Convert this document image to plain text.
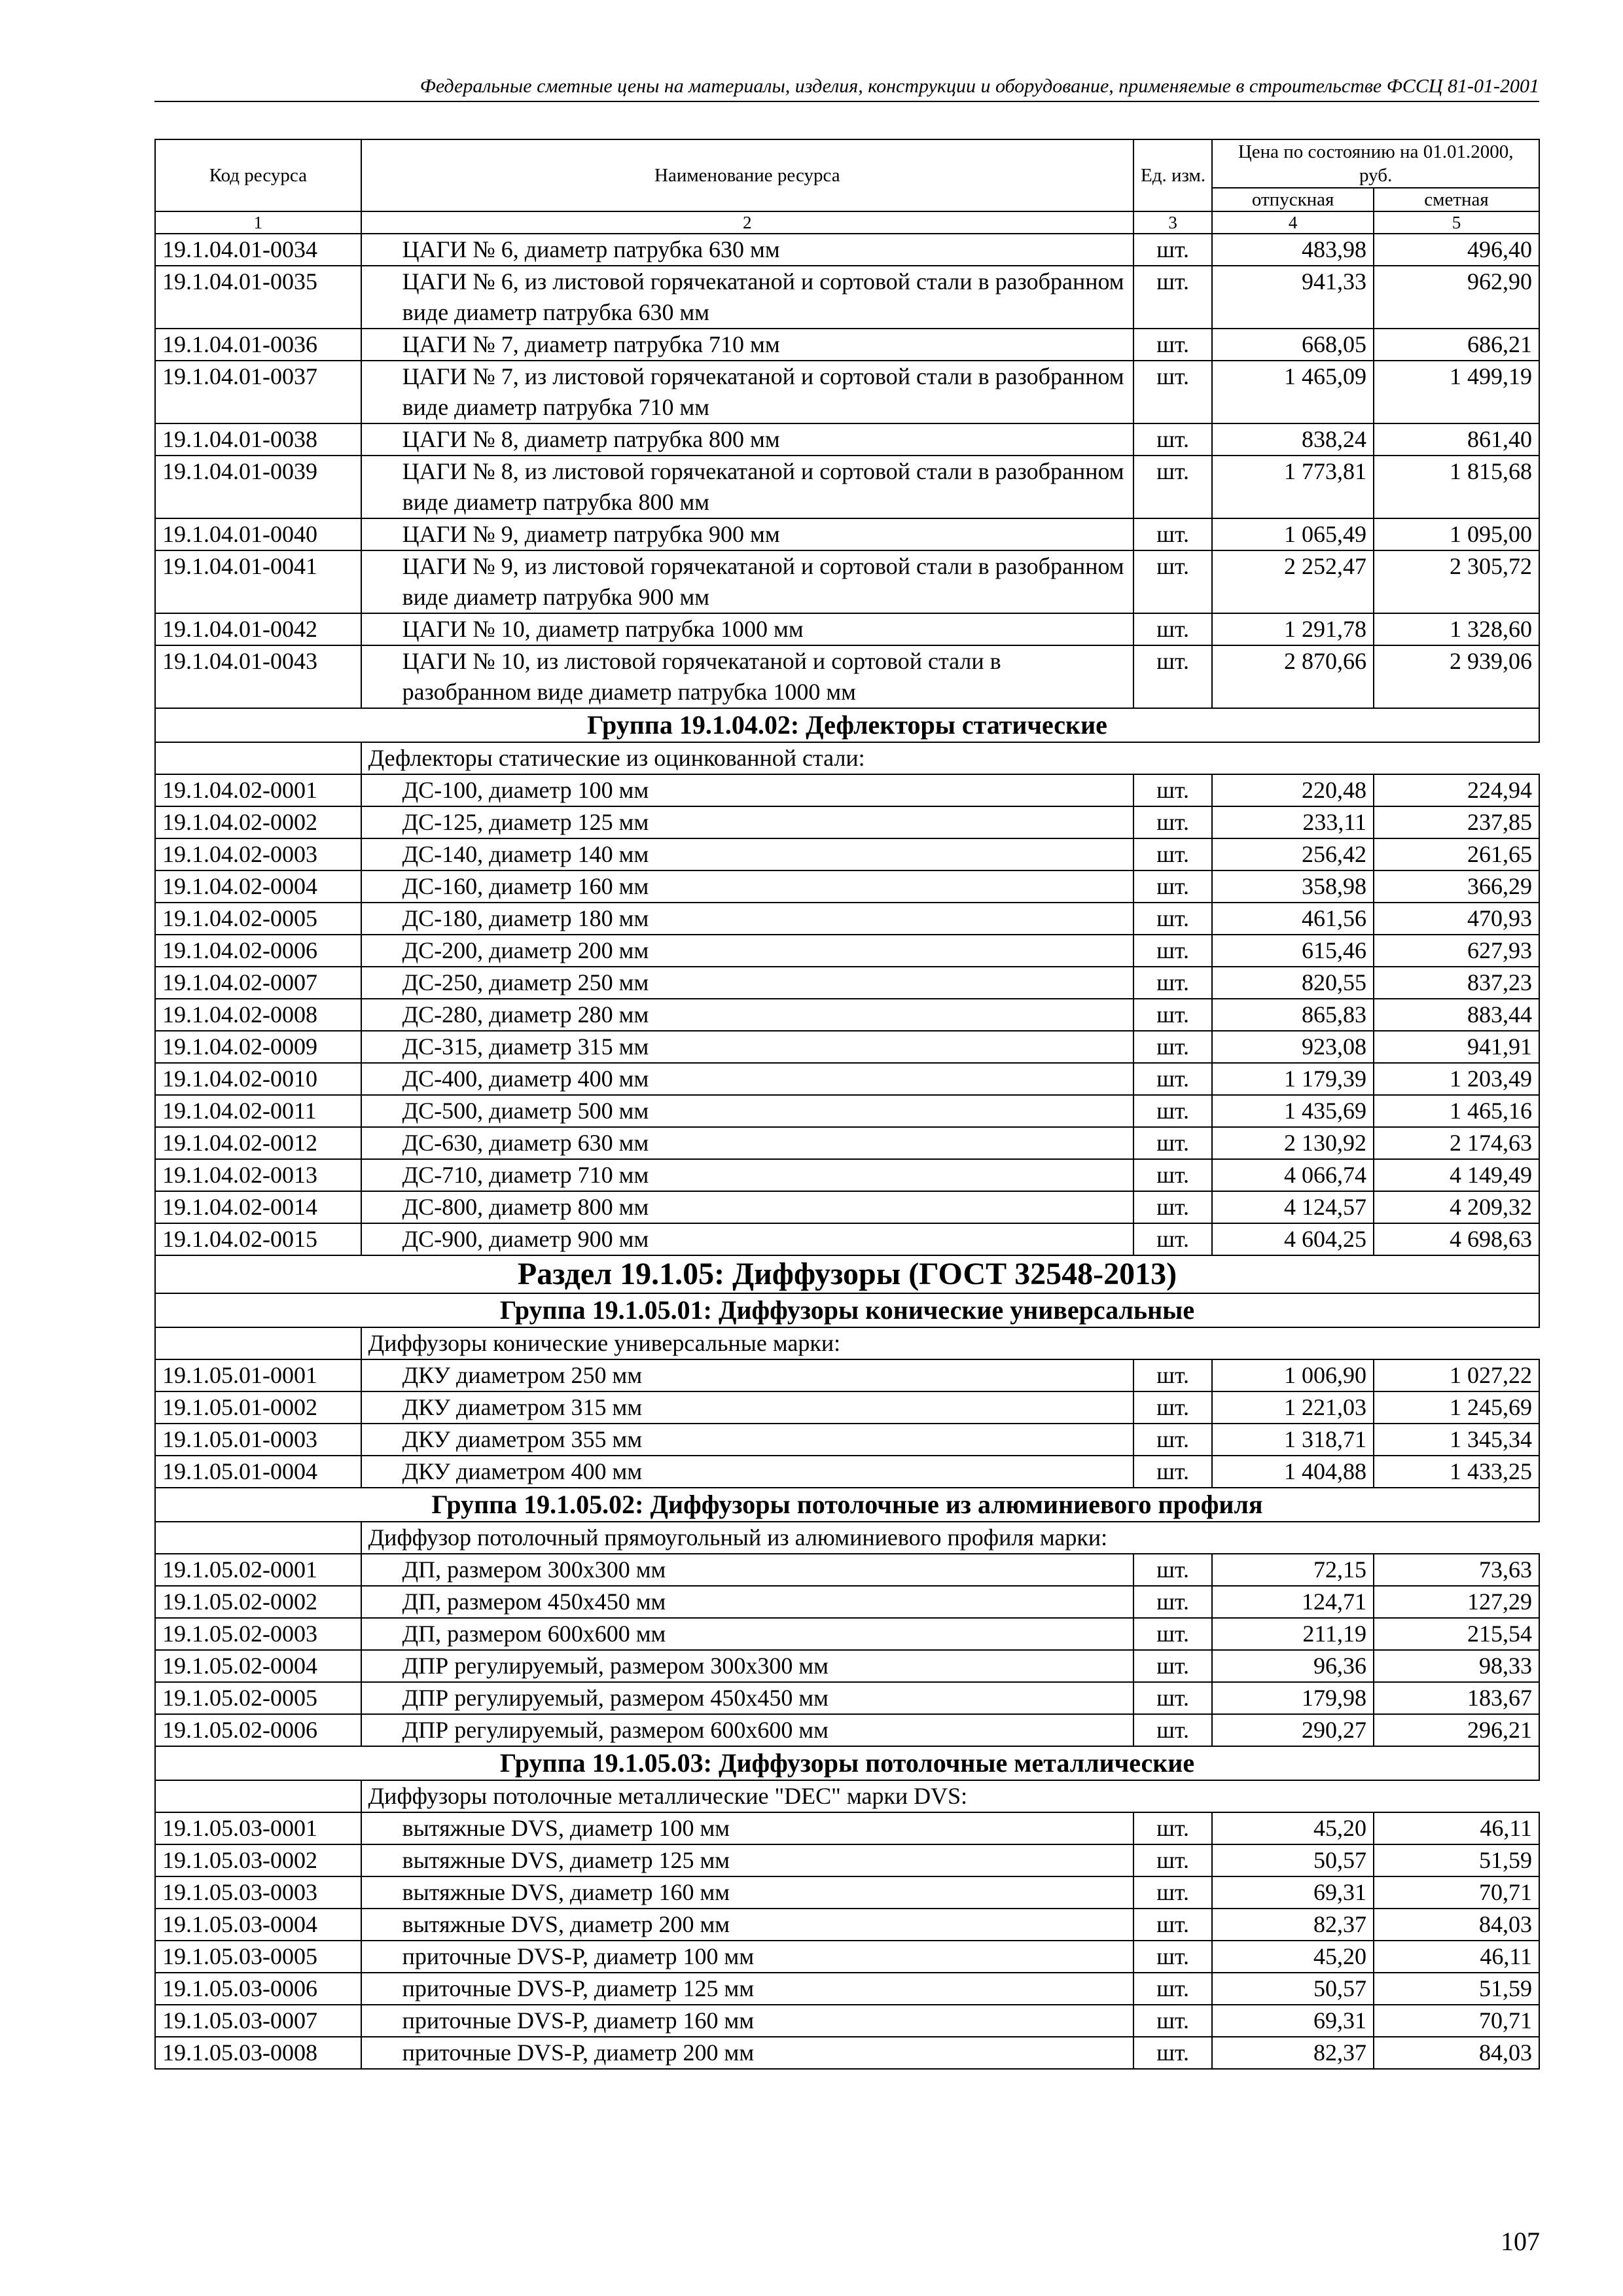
Федеральные сметные цены на материалы, изделия, конструкции и оборудование, применяемые в строительстве ФССЦ 81-01-2001
Код ресурса	Наименование ресурса	Ед. изм.	Цена по состоянию на 01.01.2000, руб.	
			отпускная	сметная
1	2	3	4	5
19.1.04.01-0034	ЦАГИ № 6, диаметр патрубка 630 мм	шт.	483,98	496,40
19.1.04.01-0035	ЦАГИ № 6, из листовой горячекатаной и сортовой стали в разобранном виде диаметр патрубка 630 мм	шт.	941,33	962,90
19.1.04.01-0036	ЦАГИ № 7, диаметр патрубка 710 мм	шт.	668,05	686,21
19.1.04.01-0037	ЦАГИ № 7, из листовой горячекатаной и сортовой стали в разобранном виде диаметр патрубка 710 мм	шт.	1 465,09	1 499,19
19.1.04.01-0038	ЦАГИ № 8, диаметр патрубка 800 мм	шт.	838,24	861,40
19.1.04.01-0039	ЦАГИ № 8, из листовой горячекатаной и сортовой стали в разобранном виде диаметр патрубка 800 мм	шт.	1 773,81	1 815,68
19.1.04.01-0040	ЦАГИ № 9, диаметр патрубка 900 мм	шт.	1 065,49	1 095,00
19.1.04.01-0041	ЦАГИ № 9, из листовой горячекатаной и сортовой стали в разобранном виде диаметр патрубка 900 мм	шт.	2 252,47	2 305,72
19.1.04.01-0042	ЦАГИ № 10, диаметр патрубка 1000 мм	шт.	1 291,78	1 328,60
19.1.04.01-0043	ЦАГИ № 10, из листовой горячекатаной и сортовой стали в разобранном виде диаметр патрубка 1000 мм	шт.	2 870,66	2 939,06
Группа 19.1.04.02: Дефлекторы статические				
	Дефлекторы статические из оцинкованной стали:			
19.1.04.02-0001	ДС-100, диаметр 100 мм	шт.	220,48	224,94
19.1.04.02-0002	ДС-125, диаметр 125 мм	шт.	233,11	237,85
19.1.04.02-0003	ДС-140, диаметр 140 мм	шт.	256,42	261,65
19.1.04.02-0004	ДС-160, диаметр 160 мм	шт.	358,98	366,29
19.1.04.02-0005	ДС-180, диаметр 180 мм	шт.	461,56	470,93
19.1.04.02-0006	ДС-200, диаметр 200 мм	шт.	615,46	627,93
19.1.04.02-0007	ДС-250, диаметр 250 мм	шт.	820,55	837,23
19.1.04.02-0008	ДС-280, диаметр 280 мм	шт.	865,83	883,44
19.1.04.02-0009	ДС-315, диаметр 315 мм	шт.	923,08	941,91
19.1.04.02-0010	ДС-400, диаметр 400 мм	шт.	1 179,39	1 203,49
19.1.04.02-0011	ДС-500, диаметр 500 мм	шт.	1 435,69	1 465,16
19.1.04.02-0012	ДС-630, диаметр 630 мм	шт.	2 130,92	2 174,63
19.1.04.02-0013	ДС-710, диаметр 710 мм	шт.	4 066,74	4 149,49
19.1.04.02-0014	ДС-800, диаметр 800 мм	шт.	4 124,57	4 209,32
19.1.04.02-0015	ДС-900, диаметр 900 мм	шт.	4 604,25	4 698,63
Раздел 19.1.05: Диффузоры (ГОСТ 32548-2013)				
Группа 19.1.05.01: Диффузоры конические универсальные				
	Диффузоры конические универсальные марки:			
19.1.05.01-0001	ДКУ диаметром 250 мм	шт.	1 006,90	1 027,22
19.1.05.01-0002	ДКУ диаметром 315 мм	шт.	1 221,03	1 245,69
19.1.05.01-0003	ДКУ диаметром 355 мм	шт.	1 318,71	1 345,34
19.1.05.01-0004	ДКУ диаметром 400 мм	шт.	1 404,88	1 433,25
Группа 19.1.05.02: Диффузоры потолочные из алюминиевого профиля				
	Диффузор потолочный прямоугольный из алюминиевого профиля марки:			
19.1.05.02-0001	ДП, размером 300х300 мм	шт.	72,15	73,63
19.1.05.02-0002	ДП, размером 450х450 мм	шт.	124,71	127,29
19.1.05.02-0003	ДП, размером 600х600 мм	шт.	211,19	215,54
19.1.05.02-0004	ДПР регулируемый, размером 300х300 мм	шт.	96,36	98,33
19.1.05.02-0005	ДПР регулируемый, размером 450х450 мм	шт.	179,98	183,67
19.1.05.02-0006	ДПР регулируемый, размером 600х600 мм	шт.	290,27	296,21
Группа 19.1.05.03: Диффузоры потолочные металлические				
	Диффузоры потолочные металлические "DEC" марки DVS:			
19.1.05.03-0001	вытяжные DVS, диаметр 100 мм	шт.	45,20	46,11
19.1.05.03-0002	вытяжные DVS, диаметр 125 мм	шт.	50,57	51,59
19.1.05.03-0003	вытяжные DVS, диаметр 160 мм	шт.	69,31	70,71
19.1.05.03-0004	вытяжные DVS, диаметр 200 мм	шт.	82,37	84,03
19.1.05.03-0005	приточные DVS-P, диаметр 100 мм	шт.	45,20	46,11
19.1.05.03-0006	приточные DVS-P, диаметр 125 мм	шт.	50,57	51,59
19.1.05.03-0007	приточные DVS-P, диаметр 160 мм	шт.	69,31	70,71
19.1.05.03-0008	приточные DVS-P, диаметр 200 мм	шт.	82,37	84,03
107
